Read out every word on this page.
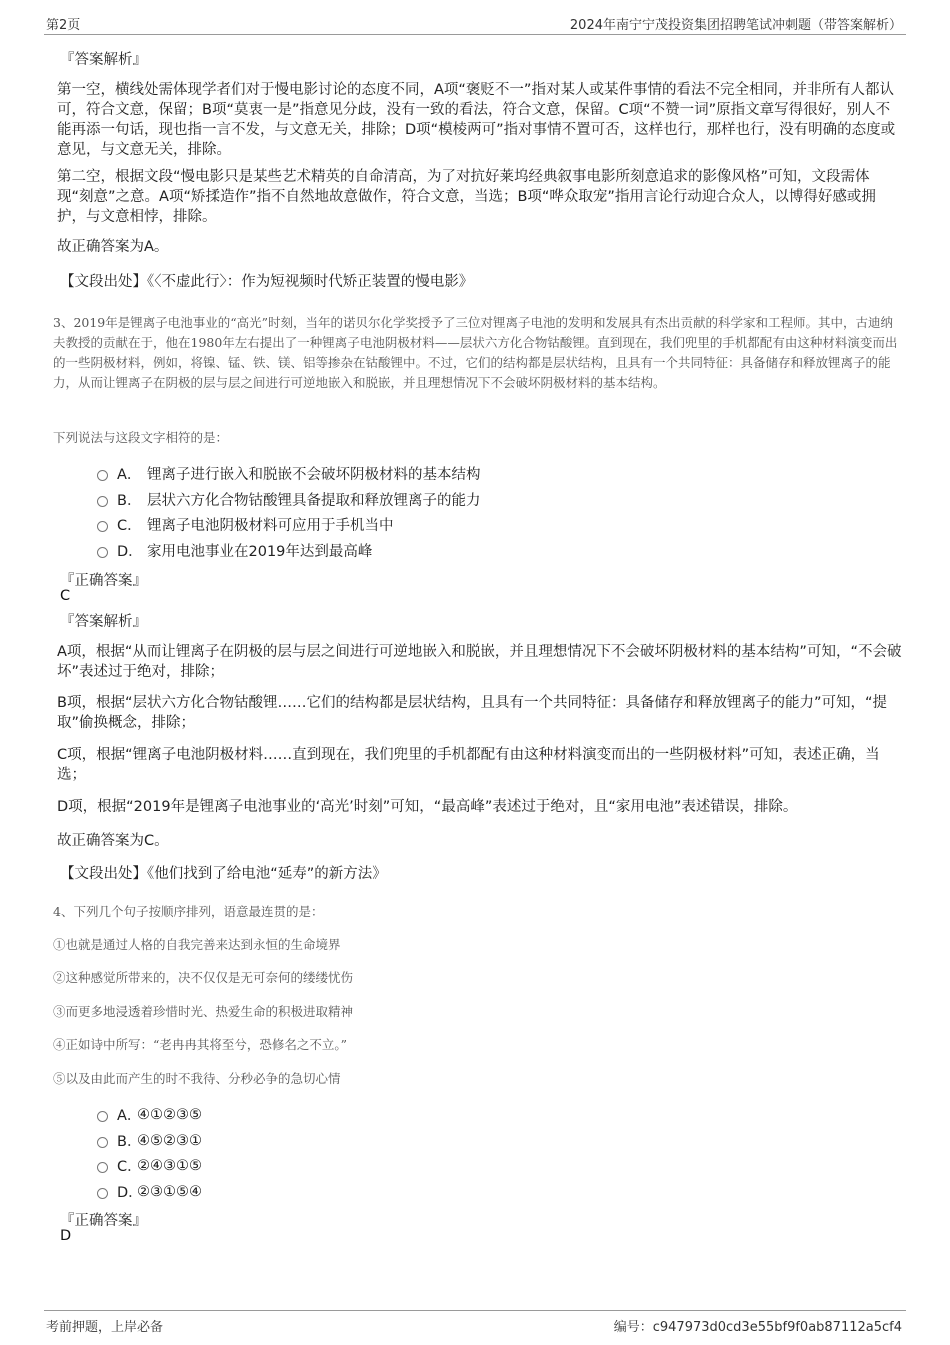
第2页	2024年南宁宁茂投资集团招聘笔试冲刺题（带答案解析）
『答案解析』
第一空，横线处需体现学者们对于慢电影讨论的态度不同，A项“褒贬不一”指对某人或某件事情的看法不完全相同，并非所有人都认可，符合文意，保留；B项“莫衷一是”指意见分歧，没有一致的看法，符合文意，保留。C项“不赞一词”原指文章写得很好，别人不能再添一句话，现也指一言不发，与文意无关，排除；D项“模棱两可”指对事情不置可否，这样也行，那样也行，没有明确的态度或意见，与文意无关，排除。
第二空，根据文段“慢电影只是某些艺术精英的自命清高，为了对抗好莱坞经典叙事电影所刻意追求的影像风格”可知，文段需体现“刻意”之意。A项“矫揉造作”指不自然地故意做作，符合文意，当选；B项“哗众取宠”指用言论行动迎合众人，以博得好感或拥护，与文意相悖，排除。
故正确答案为A。
【文段出处】《〈不虚此行〉：作为短视频时代矫正装置的慢电影》
3、2019年是锂离子电池事业的“高光”时刻，当年的诺贝尔化学奖授予了三位对锂离子电池的发明和发展具有杰出贡献的科学家和工程师。其中，古迪纳夫教授的贡献在于，他在1980年左右提出了一种锂离子电池阴极材料——层状六方化合物钴酸锂。直到现在，我们兜里的手机都配有由这种材料演变而出的一些阴极材料，例如，将镍、锰、铁、镁、铝等掺杂在钴酸锂中。不过，它们的结构都是层状结构，且具有一个共同特征：具备储存和释放锂离子的能力，从而让锂离子在阴极的层与层之间进行可逆地嵌入和脱嵌，并且理想情况下不会破坏阴极材料的基本结构。
下列说法与这段文字相符的是：
A． 锂离子进行嵌入和脱嵌不会破坏阴极材料的基本结构
B． 层状六方化合物钴酸锂具备提取和释放锂离子的能力
C． 锂离子电池阴极材料可应用于手机当中
D． 家用电池事业在2019年达到最高峰
『正确答案』
C
『答案解析』
A项，根据“从而让锂离子在阴极的层与层之间进行可逆地嵌入和脱嵌，并且理想情况下不会破坏阴极材料的基本结构”可知，“不会破坏”表述过于绝对，排除；
B项，根据“层状六方化合物钴酸锂……它们的结构都是层状结构，且具有一个共同特征：具备储存和释放锂离子的能力”可知，“提取”偷换概念，排除；
C项，根据“锂离子电池阴极材料……直到现在，我们兜里的手机都配有由这种材料演变而出的一些阴极材料”可知，表述正确，当选；
D项，根据“2019年是锂离子电池事业的‘高光’时刻”可知，“最高峰”表述过于绝对，且“家用电池”表述错误，排除。
故正确答案为C。
【文段出处】《他们找到了给电池“延寿”的新方法》
4、下列几个句子按顺序排列，语意最连贯的是：
①也就是通过人格的自我完善来达到永恒的生命境界
②这种感觉所带来的，决不仅仅是无可奈何的缕缕忧伤
③而更多地浸透着珍惜时光、热爱生命的积极进取精神
④正如诗中所写：“老冉冉其将至兮，恐修名之不立。”
⑤以及由此而产生的时不我待、分秒必争的急切心情
A．
④①②③⑤
B．
④⑤②③①
C．
②④③①⑤
D．
②③①⑤④
『正确答案』
D
考前押题，上岸必备	编号：c947973d0cd3e55bf9f0ab87112a5cf4
